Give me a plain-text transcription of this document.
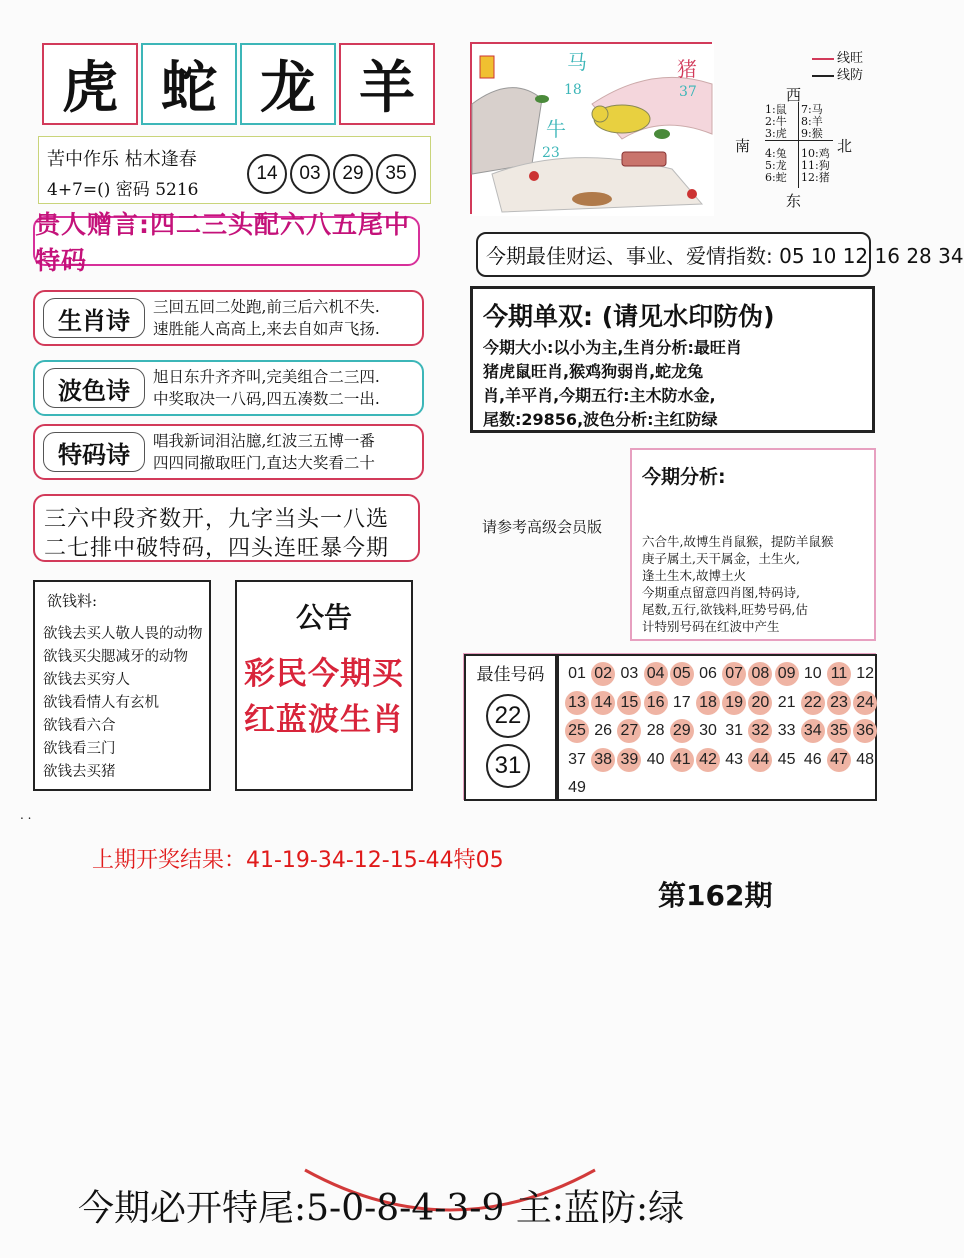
虎 蛇 龙 羊
苦中作乐 枯木逢春
4+7=() 密码 5216
14	03	29	35
贵人赠言:四二三头配六八五尾中特码
生肖诗	三回五回二处跑,前三后六机不失.
速胜能人高高上,来去自如声飞扬.
波色诗	旭日东升齐齐叫,完美组合二三四.
中奖取决一八码,四五凑数二一出.
特码诗	唱我新词泪沾臆,红波三五博一番
四四同撤取旺门,直达大奖看二十
三六中段齐数开，九字当头一八选
二七排中破特码，四头连旺暴今期
欲钱料:
欲钱去买人敬人畏的动物
欲钱买尖腮减牙的动物
欲钱去买穷人
欲钱看情人有玄机
欲钱看六合
欲钱看三门
欲钱去买猪
公告
彩民今期买
红蓝波生肖
马
18
猪
37
牛
23
线旺
线防
西
南	北
东
1:鼠
2:牛
3:虎
7:马
8:羊
9:猴
4:兔
5:龙
6:蛇
10:鸡
11:狗
12:猪
今期最佳财运、事业、爱情指数: 05 10 12 16 28 34
今期单双: (请见水印防伪)
今期大小:以小为主,生肖分析:最旺肖
猪虎鼠旺肖,猴鸡狗弱肖,蛇龙兔
肖,羊平肖,今期五行:主木防水金,
尾数:29856,波色分析:主红防绿
请参考高级会员版
今期分析:
六合牛,故博生肖鼠猴，提防羊鼠猴
庚子属土,天干属金，土生火,
逢土生木,故博土火
今期重点留意四肖图,特码诗,
尾数,五行,欲钱料,旺势号码,估
计特别号码在红波中产生
最佳号码
22
31
01 02 03 04 05 06 07 08 09 10 11 12
13 14 15 16 17 18 19 20 21 22 23 24
25 26 27 28 29 30 31 32 33 34 35 36
37 38 39 40 41 42 43 44 45 46 47 48
49
. .
上期开奖结果：41-19-34-12-15-44特05
第162期
今期必开特尾:5-0-8-4-3-9 主:蓝防:绿
